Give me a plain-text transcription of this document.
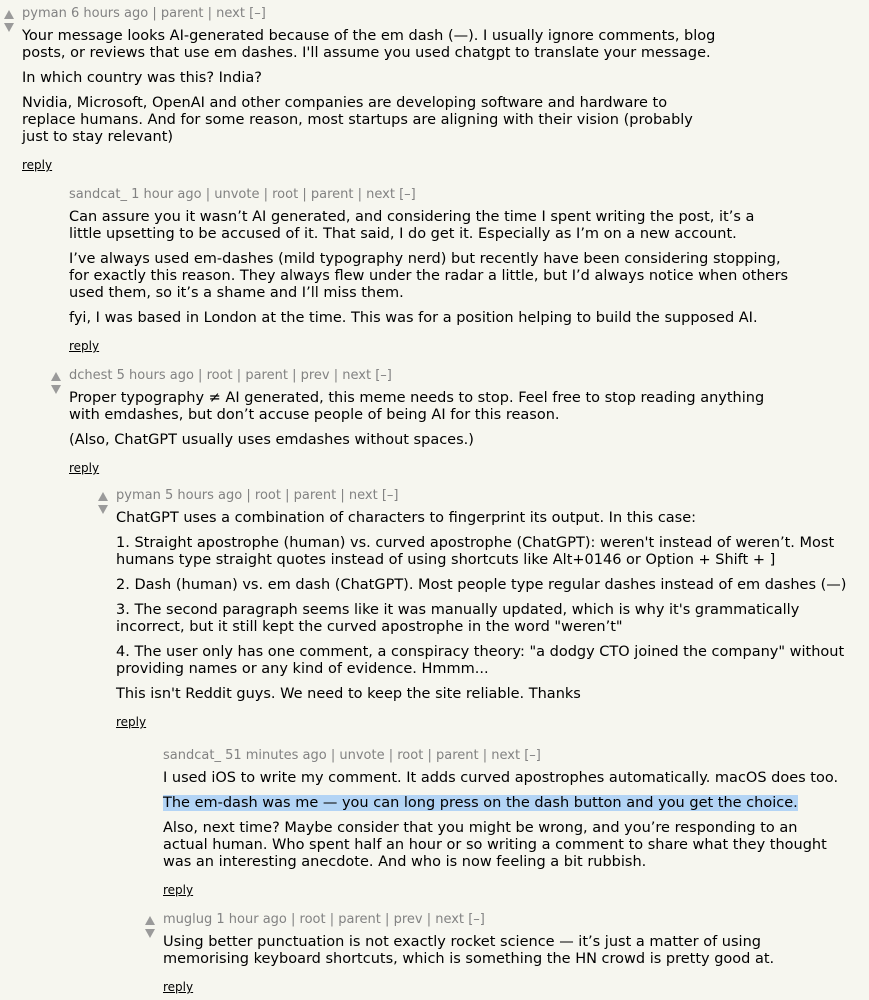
pyman 6 hours ago | parent | next [–]

Your message looks AI-generated because of the em dash (—). I usually ignore comments, blog posts, or reviews that use em dashes. I'll assume you used chatgpt to translate your message.

In which country was this? India?

Nvidia, Microsoft, OpenAI and other companies are developing software and hardware to replace humans. And for some reason, most startups are aligning with their vision (probably just to stay relevant)

reply
sandcat_ 1 hour ago | unvote | root | parent | next [–]

Can assure you it wasn’t AI generated, and considering the time I spent writing the post, it’s a little upsetting to be accused of it. That said, I do get it. Especially as I’m on a new account.

I’ve always used em-dashes (mild typography nerd) but recently have been considering stopping, for exactly this reason. They always flew under the radar a little, but I’d always notice when others used them, so it’s a shame and I’ll miss them.

fyi, I was based in London at the time. This was for a position helping to build the supposed AI.

reply
dchest 5 hours ago | root | parent | prev | next [–]

Proper typography ≠ AI generated, this meme needs to stop. Feel free to stop reading anything with emdashes, but don’t accuse people of being AI for this reason.

(Also, ChatGPT usually uses emdashes without spaces.)

reply
pyman 5 hours ago | root | parent | next [–]

ChatGPT uses a combination of characters to fingerprint its output. In this case:

1. Straight apostrophe (human) vs. curved apostrophe (ChatGPT): weren't instead of weren’t. Most humans type straight quotes instead of using shortcuts like Alt+0146 or Option + Shift + ]

2. Dash (human) vs. em dash (ChatGPT). Most people type regular dashes instead of em dashes (—)

3. The second paragraph seems like it was manually updated, which is why it's grammatically incorrect, but it still kept the curved apostrophe in the word "weren’t"

4. The user only has one comment, a conspiracy theory: "a dodgy CTO joined the company" without providing names or any kind of evidence. Hmmm...

This isn't Reddit guys. We need to keep the site reliable. Thanks

reply
sandcat_ 51 minutes ago | unvote | root | parent | next [–]

I used iOS to write my comment. It adds curved apostrophes automatically. macOS does too.

The em-dash was me — you can long press on the dash button and you get the choice.

Also, next time? Maybe consider that you might be wrong, and you’re responding to an actual human. Who spent half an hour or so writing a comment to share what they thought was an interesting anecdote. And who is now feeling a bit rubbish.

reply
muglug 1 hour ago | root | parent | prev | next [–]

Using better punctuation is not exactly rocket science — it’s just a matter of using memorising keyboard shortcuts, which is something the HN crowd is pretty good at.

reply
